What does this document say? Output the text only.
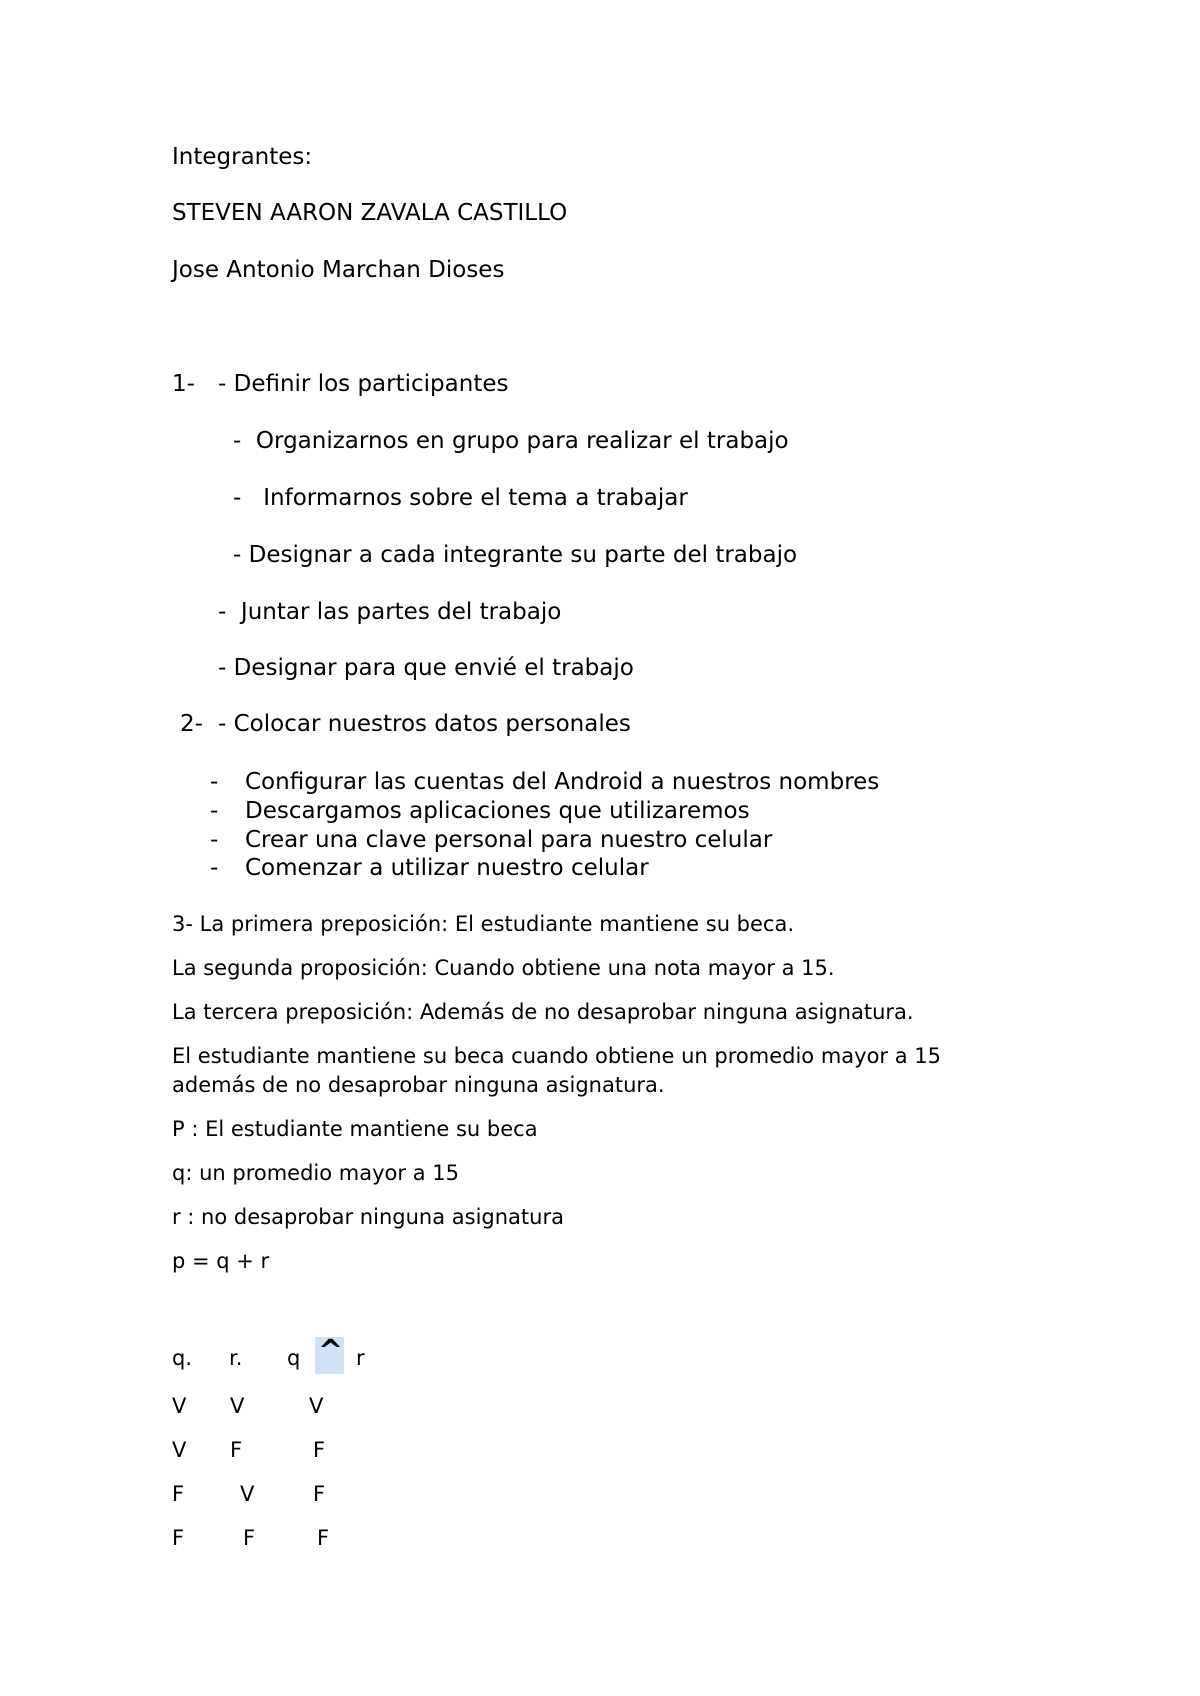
Integrantes:
STEVEN AARON ZAVALA CASTILLO
Jose Antonio Marchan Dioses
1- - Definir los participantes
-  Organizarnos en grupo para realizar el trabajo
-   Informarnos sobre el tema a trabajar
- Designar a cada integrante su parte del trabajo
-  Juntar las partes del trabajo
- Designar para que envié el trabajo
2- - Colocar nuestros datos personales
- Configurar las cuentas del Android a nuestros nombres
- Descargamos aplicaciones que utilizaremos
- Crear una clave personal para nuestro celular
- Comenzar a utilizar nuestro celular
3- La primera preposición: El estudiante mantiene su beca.
La segunda proposición: Cuando obtiene una nota mayor a 15.
La tercera preposición: Además de no desaprobar ninguna asignatura.
El estudiante mantiene su beca cuando obtiene un promedio mayor a 15
además de no desaprobar ninguna asignatura.
P : El estudiante mantiene su beca
q: un promedio mayor a 15
r : no desaprobar ninguna asignatura
p = q + r
q. r. q ^ r
V V	V
V F	F
F	V	F
F	F	F
